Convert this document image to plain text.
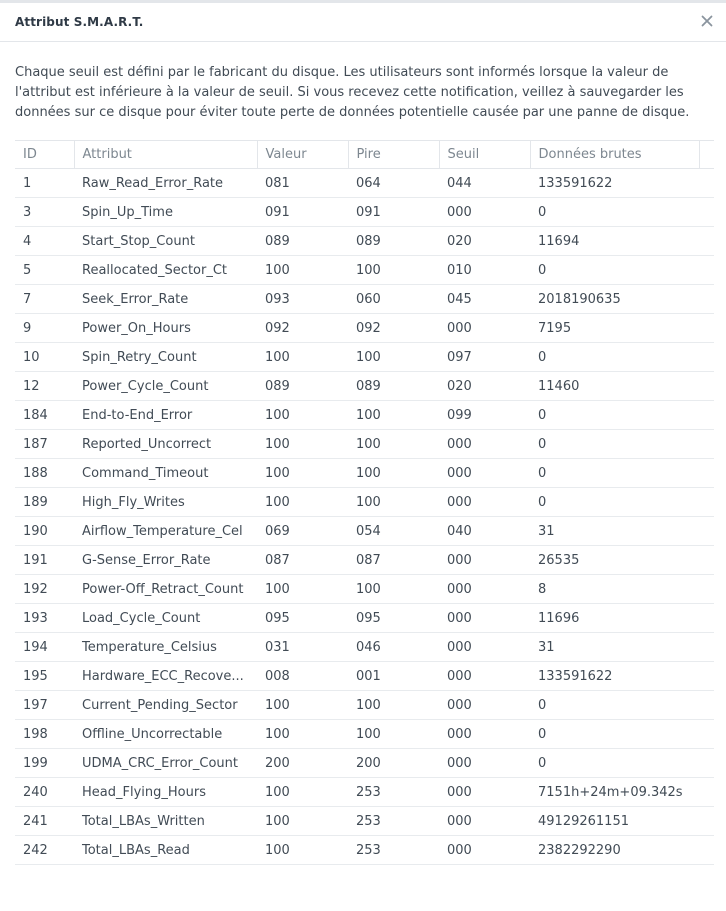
Attribut S.M.A.R.T.
Chaque seuil est défini par le fabricant du disque. Les utilisateurs sont informés lorsque la valeur de l'attribut est inférieure à la valeur de seuil. Si vous recevez cette notification, veillez à sauvegarder les données sur ce disque pour éviter toute perte de données potentielle causée par une panne de disque.
ID	Attribut	Valeur	Pire	Seuil	Données brutes	
1	Raw_Read_Error_Rate	081	064	044	133591622	
3	Spin_Up_Time	091	091	000	0	
4	Start_Stop_Count	089	089	020	11694	
5	Reallocated_Sector_Ct	100	100	010	0	
7	Seek_Error_Rate	093	060	045	2018190635	
9	Power_On_Hours	092	092	000	7195	
10	Spin_Retry_Count	100	100	097	0	
12	Power_Cycle_Count	089	089	020	11460	
184	End-to-End_Error	100	100	099	0	
187	Reported_Uncorrect	100	100	000	0	
188	Command_Timeout	100	100	000	0	
189	High_Fly_Writes	100	100	000	0	
190	Airflow_Temperature_Cel	069	054	040	31	
191	G-Sense_Error_Rate	087	087	000	26535	
192	Power-Off_Retract_Count	100	100	000	8	
193	Load_Cycle_Count	095	095	000	11696	
194	Temperature_Celsius	031	046	000	31	
195	Hardware_ECC_Recove...	008	001	000	133591622	
197	Current_Pending_Sector	100	100	000	0	
198	Offline_Uncorrectable	100	100	000	0	
199	UDMA_CRC_Error_Count	200	200	000	0	
240	Head_Flying_Hours	100	253	000	7151h+24m+09.342s	
241	Total_LBAs_Written	100	253	000	49129261151	
242	Total_LBAs_Read	100	253	000	2382292290	
